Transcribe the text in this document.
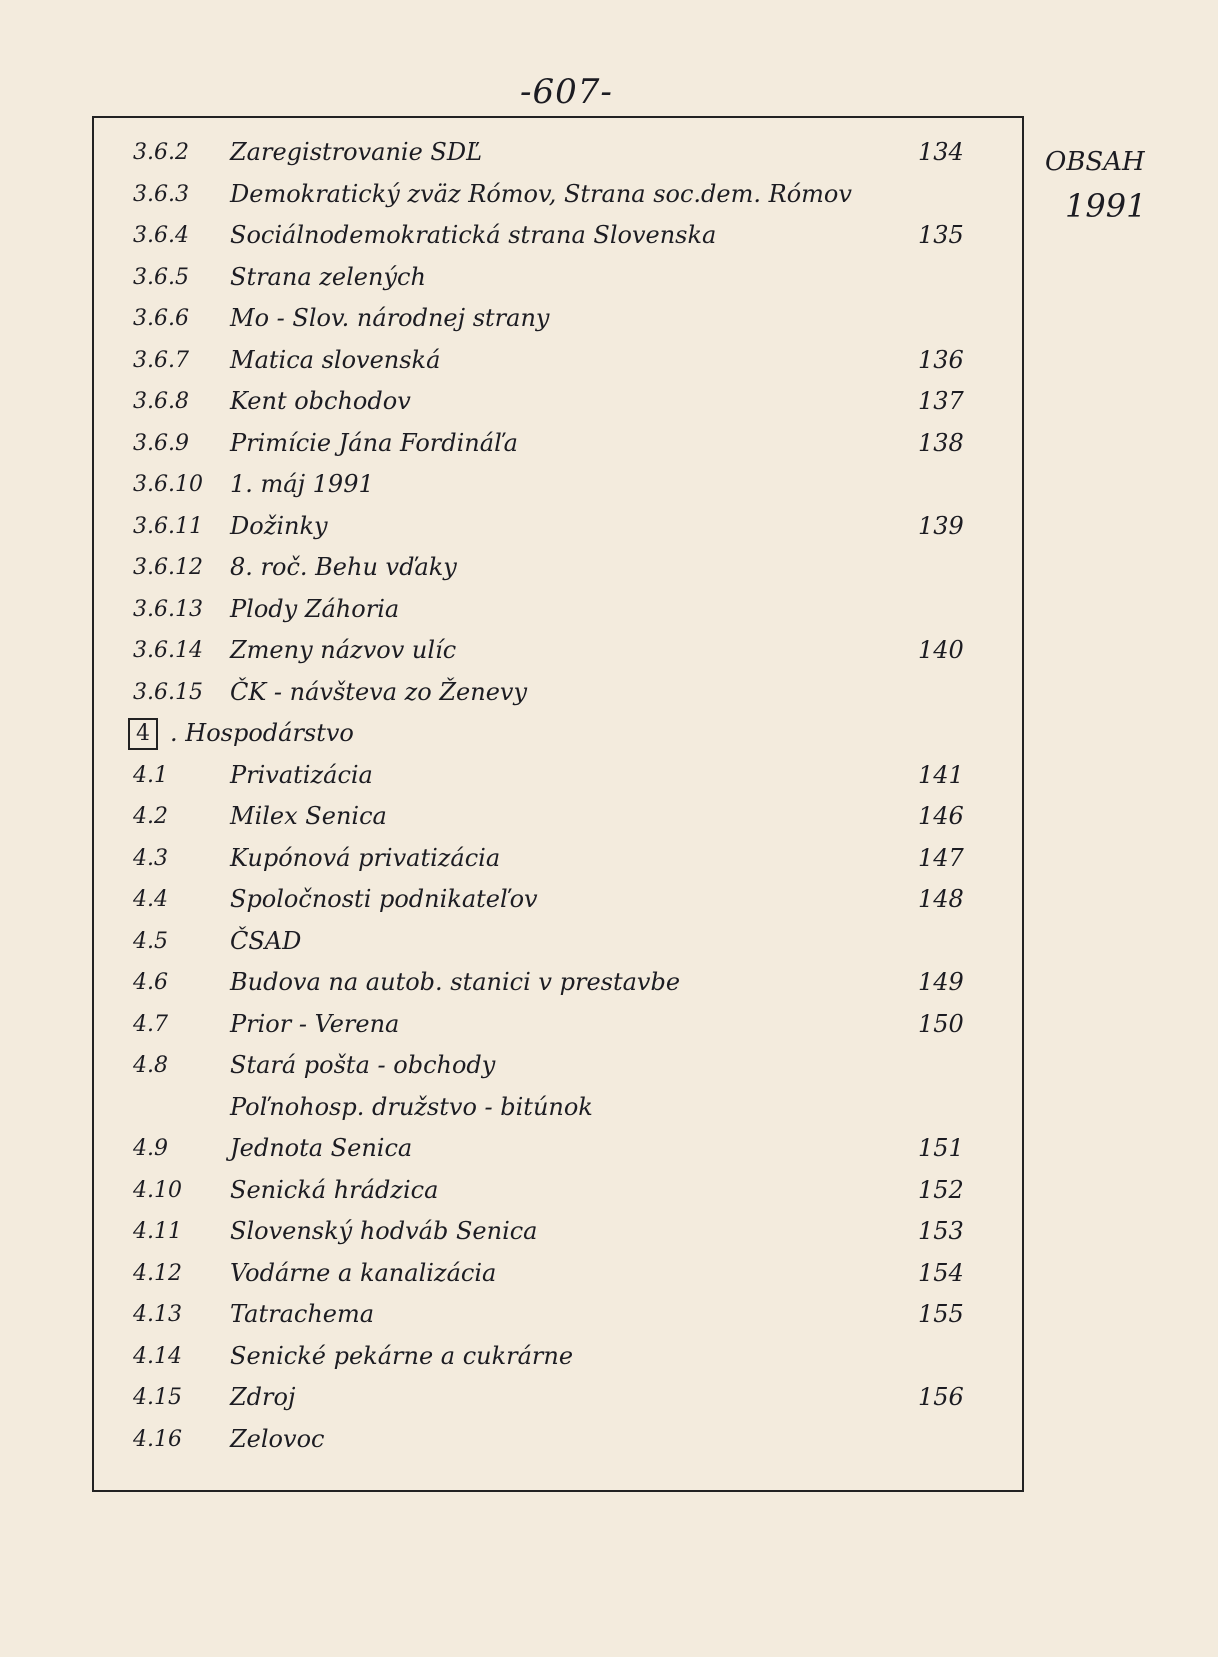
-607-
OBSAH
1991
3.6.2	Zaregistrovanie SDĽ	134
3.6.3	Demokratický zväz Rómov, Strana soc.dem. Rómov
3.6.4	Sociálnodemokratická strana Slovenska	135
3.6.5	Strana zelených
3.6.6	Mo - Slov. národnej strany
3.6.7	Matica slovenská	136
3.6.8	Kent obchodov	137
3.6.9	Primície Jána Fordináľa	138
3.6.10	1. máj 1991
3.6.11	Dožinky	139
3.6.12	8. roč. Behu vďaky
3.6.13	Plody Záhoria
3.6.14	Zmeny názvov ulíc	140
3.6.15	ČK - návšteva zo Ženevy
4 . Hospodárstvo
4.1	Privatizácia	141
4.2	Milex Senica	146
4.3	Kupónová privatizácia	147
4.4	Spoločnosti podnikateľov	148
4.5	ČSAD
4.6	Budova na autob. stanici v prestavbe	149
4.7	Prior - Verena	150
4.8	Stará pošta - obchody
Poľnohosp. družstvo - bitúnok
4.9	Jednota Senica	151
4.10	Senická hrádzica	152
4.11	Slovenský hodváb Senica	153
4.12	Vodárne a kanalizácia	154
4.13	Tatrachema	155
4.14	Senické pekárne a cukrárne
4.15	Zdroj	156
4.16	Zelovoc
